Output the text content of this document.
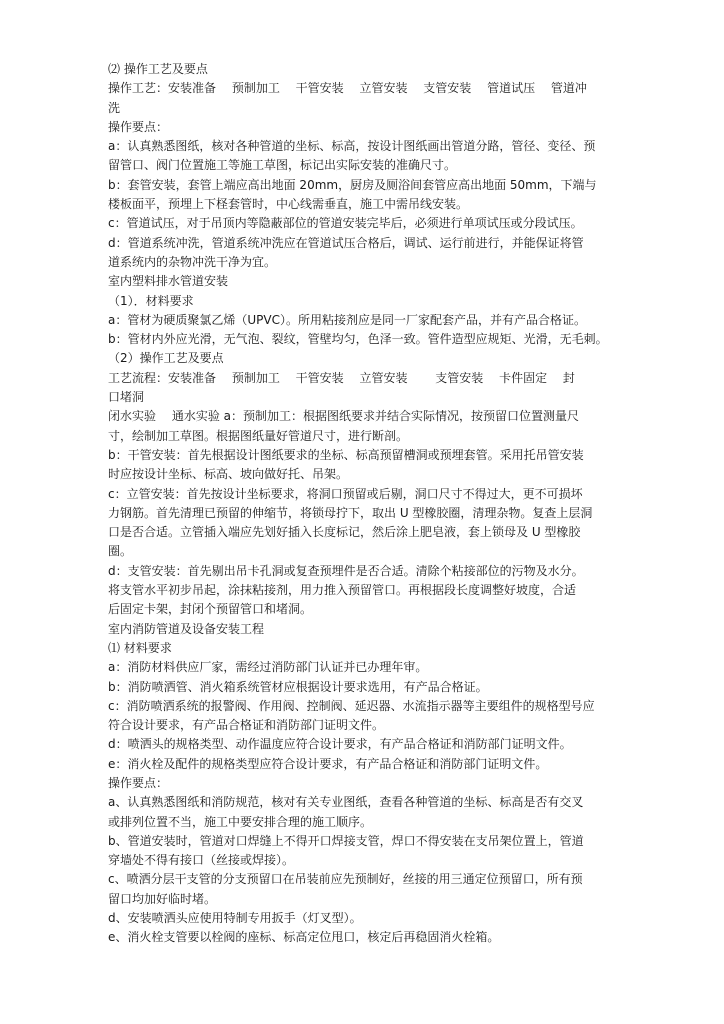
⑵ 操作工艺及要点

操作工艺：安装准备　 预制加工　 干管安装　 立管安装　 支管安装　 管道试压　 管道冲

洗

操作要点：

a：认真熟悉图纸，核对各种管道的坐标、标高，按设计图纸画出管道分路，管径、变径、预

留管口、阀门位置施工等施工草图，标记出实际安装的准确尺寸。

b：套管安装，套管上端应高出地面 20mm，厨房及厕浴间套管应高出地面 50mm，下端与

楼板面平，预埋上下柽套管时，中心线需垂直，施工中需吊线安装。

c：管道试压，对于吊顶内等隐蔽部位的管道安装完毕后，必须进行单项试压或分段试压。

d：管道系统冲洗，管道系统冲洗应在管道试压合格后，调试、运行前进行，并能保证将管

道系统内的杂物冲洗干净为宜。

室内塑料排水管道安装

（1）．材料要求

a：管材为硬质聚氯乙烯（UPVC）。所用粘接剂应是同一厂家配套产品，并有产品合格证。

b：管材内外应光滑，无气泡、裂纹，管壁均匀，色泽一致。管件造型应规矩、光滑，无毛刺。

（2）操作工艺及要点

工艺流程：安装准备　 预制加工　 干管安装　 立管安装　　 支管安装　 卡件固定　 封

口堵洞

闭水实验　 通水实验 a：预制加工：根据图纸要求并结合实际情况，按预留口位置测量尺

寸，绘制加工草图。根据图纸量好管道尺寸，进行断剖。

b：干管安装：首先根据设计图纸要求的坐标、标高预留槽洞或预埋套管。采用托吊管安装

时应按设计坐标、标高、坡向做好托、吊架。

c：立管安装：首先按设计坐标要求，将洞口预留或后剔，洞口尺寸不得过大，更不可损坏

力钢筋。首先清理已预留的伸缩节，将锁母拧下，取出 U 型橡胶圈，清理杂物。复查上层洞

口是否合适。立管插入端应先划好插入长度标记，然后涂上肥皂液，套上锁母及 U 型橡胶

圈。

d：支管安装：首先剔出吊卡孔洞或复查预埋件是否合适。清除个粘接部位的污物及水分。

将支管水平初步吊起，涂抹粘接剂，用力推入预留管口。再根据段长度调整好坡度，合适

后固定卡架，封闭个预留管口和堵洞。

室内消防管道及设备安装工程

⑴ 材料要求

a：消防材料供应厂家，需经过消防部门认证并已办理年审。

b：消防喷洒管、消火箱系统管材应根据设计要求选用，有产品合格证。

c：消防喷洒系统的报警阀、作用阀、控制阀、延迟器、水流指示器等主要组件的规格型号应

符合设计要求，有产品合格证和消防部门证明文件。

d：喷洒头的规格类型、动作温度应符合设计要求，有产品合格证和消防部门证明文件。

e：消火栓及配件的规格类型应符合设计要求，有产品合格证和消防部门证明文件。

操作要点：

a、认真熟悉图纸和消防规范，核对有关专业图纸，查看各种管道的坐标、标高是否有交叉

或排列位置不当，施工中要安排合理的施工顺序。

b、管道安装时，管道对口焊缝上不得开口焊接支管，焊口不得安装在支吊架位置上，管道

穿墙处不得有接口（丝接或焊接）。

c、喷洒分层干支管的分支预留口在吊装前应先预制好，丝接的用三通定位预留口，所有预

留口均加好临时堵。

d、安装喷洒头应使用特制专用扳手（灯叉型）。

e、消火栓支管要以栓阀的座标、标高定位甩口，核定后再稳固消火栓箱。
